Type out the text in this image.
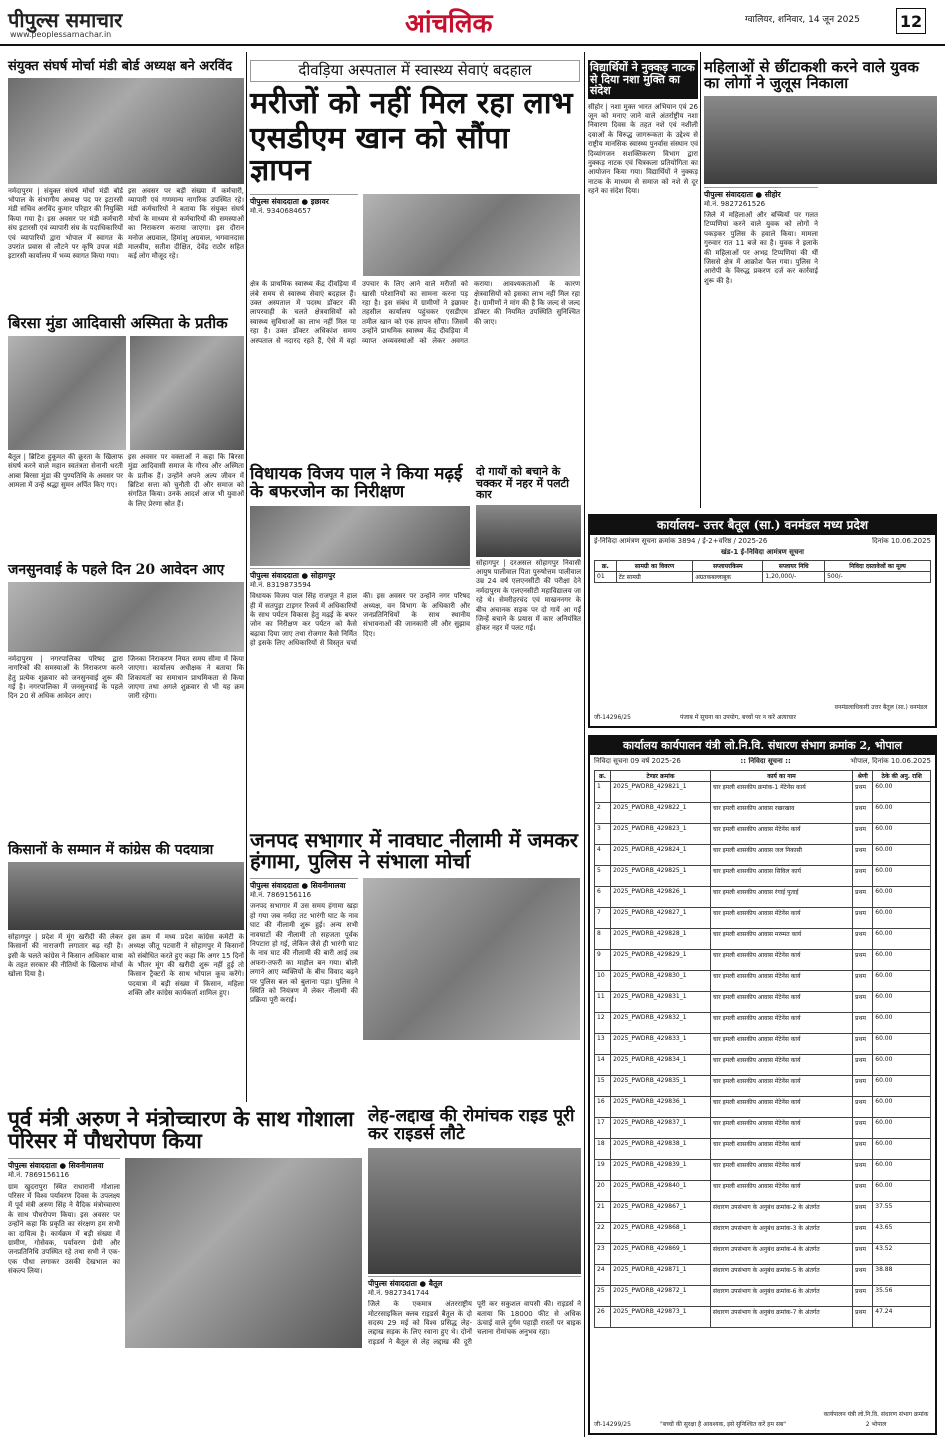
पीपुल्स समाचार
www.peoplessamachar.in	आंचलिक	ग्वालियर, शनिवार, 14 जून 2025	12
संयुक्त संघर्ष मोर्चा मंडी बोर्ड अध्यक्ष बने अरविंद
नर्मदापुरम | संयुक्त संघर्ष मोर्चा मंडी बोर्ड भोपाल के संभागीय अध्यक्ष पद पर इटारसी मंडी सचिव अरविंद कुमार परिहार की नियुक्ति किया गया है। इस अवसर पर मंडी कर्मचारी संघ इटारसी एवं व्यापारी संघ के पदाधिकारियों एवं व्यापारियों द्वारा भोपाल में स्वागत के उपरांत प्रवास से लौटने पर कृषि उपज मंडी इटारसी कार्यालय में भव्य स्वागत किया गया।
इस अवसर पर बड़ी संख्या में कर्मचारी, व्यापारी एवं गणमान्य नागरिक उपस्थित रहे। मंडी कर्मचारियों ने बताया कि संयुक्त संघर्ष मोर्चा के माध्यम से कर्मचारियों की समस्याओं का निराकरण कराया जाएगा। इस दौरान मनोज अग्रवाल, हिमांशु अग्रवाल, भगवानदास मालवीय, सतीश दीक्षित, देवेंद्र राठौर सहित कई लोग मौजूद रहे।
बिरसा मुंडा आदिवासी अस्मिता के प्रतीक
बैतूल | ब्रिटिश हुकूमत की क्रूरता के खिलाफ संघर्ष करने वाले महान स्वतंत्रता सेनानी धरती आबा बिरसा मुंडा की पुण्यतिथि के अवसर पर आमला में उन्हें श्रद्धा सुमन अर्पित किए गए।
इस अवसर पर वक्ताओं ने कहा कि बिरसा मुंडा आदिवासी समाज के गौरव और अस्मिता के प्रतीक हैं। उन्होंने अपने अल्प जीवन में ब्रिटिश सत्ता को चुनौती दी और समाज को संगठित किया। उनके आदर्श आज भी युवाओं के लिए प्रेरणा स्रोत हैं।
जनसुनवाई के पहले दिन 20 आवेदन आए
नर्मदापुरम | नगरपालिका परिषद द्वारा नागरिकों की समस्याओं के निराकरण करने हेतु प्रत्येक शुक्रवार को जनसुनवाई शुरू की गई है। नगरपालिका में जनसुनवाई के पहले दिन 20 से अधिक आवेदन आए।
जिनका निराकरण नियत समय सीमा में किया जाएगा। कार्यालय अधीक्षक ने बताया कि शिकायतों का समाधान प्राथमिकता से किया जाएगा तथा अगले शुक्रवार से भी यह क्रम जारी रहेगा।
किसानों के सम्मान में कांग्रेस की पदयात्रा
सोहागपुर | प्रदेश में मूंग खरीदी की लेकर किसानों की नाराजगी लगातार बढ़ रही है। इसी के चलते कांग्रेस ने किसान अधिकार यात्रा के तहत सरकार की नीतियों के खिलाफ मोर्चा खोला दिया है।
इस क्रम में मध्य प्रदेश कांग्रेस कमेटी के अध्यक्ष जीतू पटवारी ने सोहागपुर में किसानों को संबोधित करते हुए कहा कि अगर 15 दिनों के भीतर मूंग की खरीदी शुरू नहीं हुई तो किसान ट्रैक्टरों के साथ भोपाल कूच करेंगे। पदयात्रा में बड़ी संख्या में किसान, महिला शक्ति और कांग्रेस कार्यकर्ता शामिल हुए।
दीवड़िया अस्पताल में स्वास्थ्य सेवाएं बदहाल
मरीजों को नहीं मिल रहा लाभ
एसडीएम खान को सौंपा ज्ञापन
पीपुल्स संवाददाता ● इछावर
मो.नं. 9340684657
क्षेत्र के प्राथमिक स्वास्थ्य केंद्र दीवड़िया में लंबे समय से स्वास्थ्य सेवाएं बदहाल हैं। उक्त अस्पताल में पदस्थ डॉक्टर की लापरवाही के चलते क्षेत्रवासियों को स्वास्थ्य सुविधाओं का लाभ नहीं मिल पा रहा है। उक्त डॉक्टर अधिकांश समय अस्पताल से नदारद रहते हैं, ऐसे में वहां उपचार के लिए आने वाले मरीजों को खासी परेशानियों का सामना करना पड़ रहा है। इस संबंध में ग्रामीणों ने इछावर तहसील कार्यालय पहुंचकर एसडीएम तमील खान को एक ज्ञापन सौंपा। जिसमें उन्होंने प्राथमिक स्वास्थ्य केंद्र दीवड़िया में व्याप्त अव्यवस्थाओं को लेकर अवगत कराया। आवश्यकताओं के कारण क्षेत्रवासियों को इसका लाभ नहीं मिल रहा है। ग्रामीणों ने मांग की है कि जल्द से जल्द डॉक्टर की नियमित उपस्थिति सुनिश्चित की जाए।
विधायक विजय पाल ने किया मढ़ई के बफरजोन का निरीक्षण
पीपुल्स संवाददाता ● सोहागपुर
मो.नं. 8319873594
विधायक विजय पाल सिंह राजपूत ने हाल ही में सतपुड़ा टाइगर रिजर्व में अधिकारियों के साथ पर्यटन विकास हेतु मढ़ई के बफर जोन का निरीक्षण कर पर्यटन को कैसे बढ़ावा दिया जाए तथा रोजगार कैसे निर्मित हो इसके लिए अधिकारियों से विस्तृत चर्चा की। इस अवसर पर उन्होंने नगर परिषद अध्यक्ष, वन विभाग के अधिकारी और जनप्रतिनिधियों के साथ स्थानीय संभावनाओं की जानकारी ली और सुझाव दिए।
दो गायों को बचाने के चक्कर में नहर में पलटी कार
सोहागपुर | दरअसल सोहागपुर निवासी आयुष पालीवाल पिता पुरुषोत्तम पालीवाल उम्र 24 वर्ष एलएनसीटी की परीक्षा देने नर्मदापुरम के एलएनसीटी महाविद्यालय जा रहे थे। सेमरीहरचंद एवं माखननगर के बीच अचानक सड़क पर दो गायें आ गईं जिन्हें बचाने के प्रयास में कार अनियंत्रित होकर नहर में पलट गई।
जनपद सभागार में नावघाट नीलामी में जमकर हंगामा, पुलिस ने संभाला मोर्चा
पीपुल्स संवाददाता ● सिवनीमालवा
मो.नं. 7869156116
जनपद सभागार में उस समय हंगामा खड़ा हो गया जब नर्मदा तट भारंगी घाट के नाव घाट की नीलामी शुरू हुई। अन्य सभी नावघाटों की नीलामी तो सहजता पूर्वक निपटारा हो गई, लेकिन जैसे ही भारंगी घाट के नाव घाट की नीलामी की बारी आई तब अफरा-तफरी का माहौल बन गया। बोली लगाने आए व्यक्तियों के बीच विवाद बढ़ने पर पुलिस बल को बुलाना पड़ा। पुलिस ने स्थिति को नियंत्रण में लेकर नीलामी की प्रक्रिया पूरी कराई।
पूर्व मंत्री अरुण ने मंत्रोच्चारण के साथ गोशाला परिसर में पौधरोपण किया
पीपुल्स संवाददाता ● सिवनीमालवा
मो.नं. 7869156116
ग्राम खुदरापुरा स्थित राधारानी गोशाला परिसर में विश्व पर्यावरण दिवस के उपलक्ष्य में पूर्व मंत्री अरुण सिंह ने वैदिक मंत्रोच्चारण के साथ पौधरोपण किया। इस अवसर पर उन्होंने कहा कि प्रकृति का संरक्षण हम सभी का दायित्व है। कार्यक्रम में बड़ी संख्या में ग्रामीण, गोसेवक, पर्यावरण प्रेमी और जनप्रतिनिधि उपस्थित रहे तथा सभी ने एक-एक पौधा लगाकर उसकी देखभाल का संकल्प लिया।
लेह-लद्दाख की रोमांचक राइड पूरी कर राइडर्स लौटे
पीपुल्स संवाददाता ● बैतूल
मो.नं. 9827341744
जिले के एकमात्र अंतरराष्ट्रीय मोटरसाइकिल क्लब राइडर्स बैतूल के दो सदस्य 29 मई को विश्व प्रसिद्ध लेह-लद्दाख सड़क के लिए रवाना हुए थे। दोनों राइडर्स ने बैतूल से लेह लद्दाख की दूरी पूरी कर सकुशल वापसी की। राइडर्स ने बताया कि 18000 फीट से अधिक ऊंचाई वाले दुर्गम पहाड़ी रास्तों पर बाइक चलाना रोमांचक अनुभव रहा।
विद्यार्थियों ने नुक्कड़ नाटक से दिया नशा मुक्ति का संदेश
सीहोर | नशा मुक्त भारत अभियान एवं 26 जून को मनाए जाने वाले अंतर्राष्ट्रीय नशा निवारण दिवस के तहत नशे एवं नशीली दवाओं के विरुद्ध जागरूकता के उद्देश्य से राष्ट्रीय मानसिक स्वास्थ्य पुनर्वास संस्थान एवं दिव्यांगजन सशक्तिकरण विभाग द्वारा नुक्कड़ नाटक एवं चित्रकला प्रतियोगिता का आयोजन किया गया। विद्यार्थियों ने नुक्कड़ नाटक के माध्यम से समाज को नशे से दूर रहने का संदेश दिया।
महिलाओं से छींटाकशी करने वाले युवक का लोगों ने जुलूस निकाला
पीपुल्स संवाददाता ● सीहोर
मो.नं. 9827261526
जिले में महिलाओं और बच्चियों पर गलत टिप्पणियां करने वाले युवक को लोगों ने पकड़कर पुलिस के हवाले किया। मामला गुरुवार रात 11 बजे का है। युवक ने इलाके की महिलाओं पर अभद्र टिप्पणियां की थीं जिससे क्षेत्र में आक्रोश फैल गया। पुलिस ने आरोपी के विरुद्ध प्रकरण दर्ज कर कार्रवाई शुरू की है।

कार्यालय- उत्तर बैतूल (सा.) वनमंडल मध्य प्रदेश
ई-निविदा आमंत्रण सूचना क्रमांक 3894 / ई-2+वरिष्ठ / 2025-26	दिनांक 10.06.2025
खंड-1 ई-निविदा आमंत्रण सूचना
क्र.	सामग्री का विवरण	सप्लायरकिस्म	सप्लायर निधि	निविदा दस्तावेजों का मूल्य
01	टेंट सामग्री	अग्रतकबल्लाबुक	1,20,000/-	500/-
जी-14296/25	पंजाब में सूचना का उपयोग, बच्चों पर न करें अत्याचार
वनमंडलाधिकारी उत्तर बैतूल (सा.) वनमंडल
कार्यालय कार्यपालन यंत्री लो.नि.वि. संधारण संभाग क्रमांक 2, भोपाल
निविदा सूचना 09 वर्ष 2025-26	:: निविदा सूचना ::	भोपाल, दिनांक 10.06.2025
क्र.	टेण्डर क्रमांक	कार्य का नाम	श्रेणी	ठेके की अनु. राशि
1	2025_PWDRB_429821_1	चार इमली शासकीय क्रमांक-1 मेंटेनेंस कार्य	प्रथम	60.00
2	2025_PWDRB_429822_1	चार इमली शासकीय आवास रखरखाव	प्रथम	60.00
3	2025_PWDRB_429823_1	चार इमली शासकीय आवास मेंटेनेंस कार्य	प्रथम	60.00
4	2025_PWDRB_429824_1	चार इमली शासकीय आवास जल निकासी	प्रथम	60.00
5	2025_PWDRB_429825_1	चार इमली शासकीय आवास सिविल कार्य	प्रथम	60.00
6	2025_PWDRB_429826_1	चार इमली शासकीय आवास रंगाई पुताई	प्रथम	60.00
7	2025_PWDRB_429827_1	चार इमली शासकीय आवास मेंटेनेंस कार्य	प्रथम	60.00
8	2025_PWDRB_429828_1	चार इमली शासकीय आवास मरम्मत कार्य	प्रथम	60.00
9	2025_PWDRB_429829_1	चार इमली शासकीय आवास मेंटेनेंस कार्य	प्रथम	60.00
10	2025_PWDRB_429830_1	चार इमली शासकीय आवास मेंटेनेंस कार्य	प्रथम	60.00
11	2025_PWDRB_429831_1	चार इमली शासकीय आवास मेंटेनेंस कार्य	प्रथम	60.00
12	2025_PWDRB_429832_1	चार इमली शासकीय आवास मेंटेनेंस कार्य	प्रथम	60.00
13	2025_PWDRB_429833_1	चार इमली शासकीय आवास मेंटेनेंस कार्य	प्रथम	60.00
14	2025_PWDRB_429834_1	चार इमली शासकीय आवास मेंटेनेंस कार्य	प्रथम	60.00
15	2025_PWDRB_429835_1	चार इमली शासकीय आवास मेंटेनेंस कार्य	प्रथम	60.00
16	2025_PWDRB_429836_1	चार इमली शासकीय आवास मेंटेनेंस कार्य	प्रथम	60.00
17	2025_PWDRB_429837_1	चार इमली शासकीय आवास मेंटेनेंस कार्य	प्रथम	60.00
18	2025_PWDRB_429838_1	चार इमली शासकीय आवास मेंटेनेंस कार्य	प्रथम	60.00
19	2025_PWDRB_429839_1	चार इमली शासकीय आवास मेंटेनेंस कार्य	प्रथम	60.00
20	2025_PWDRB_429840_1	चार इमली शासकीय आवास मेंटेनेंस कार्य	प्रथम	60.00
21	2025_PWDRB_429867_1	संधारण उपसंभाग के अनुबंध क्रमांक-2 के अंतर्गत	प्रथम	37.55
22	2025_PWDRB_429868_1	संधारण उपसंभाग के अनुबंध क्रमांक-3 के अंतर्गत	प्रथम	43.65
23	2025_PWDRB_429869_1	संधारण उपसंभाग के अनुबंध क्रमांक-4 के अंतर्गत	प्रथम	43.52
24	2025_PWDRB_429871_1	संधारण उपसंभाग के अनुबंध क्रमांक-5 के अंतर्गत	प्रथम	38.88
25	2025_PWDRB_429872_1	संधारण उपसंभाग के अनुबंध क्रमांक-6 के अंतर्गत	प्रथम	35.56
26	2025_PWDRB_429873_1	संधारण उपसंभाग के अनुबंध क्रमांक-7 के अंतर्गत	प्रथम	47.24
जी-14299/25	"बच्चों की सुरक्षा है आवश्यक, इसे सुनिश्चित करें हम सब"
कार्यपालन यंत्री लो.नि.वि. संधारण संभाग क्रमांक 2 भोपाल
